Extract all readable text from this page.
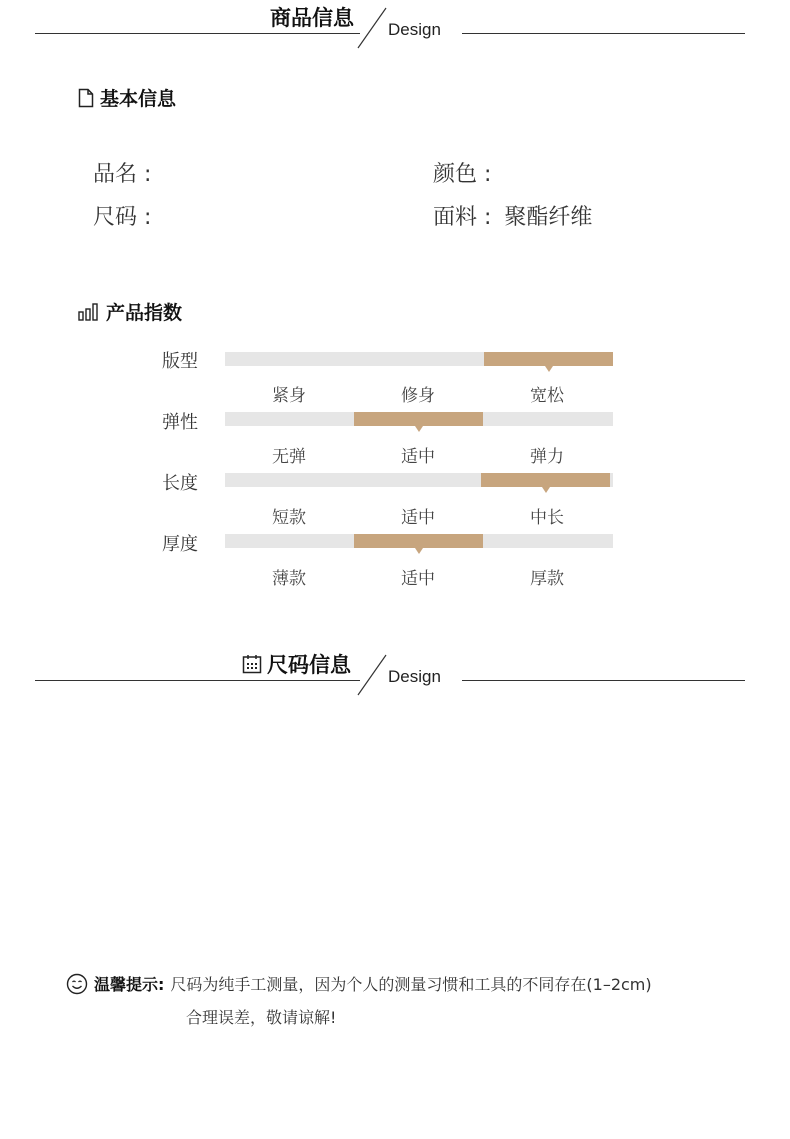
商品信息 Design
基本信息
品名 :	颜色 :
尺码 :	面料 : 聚酯纤维
产品指数
版型
紧身	修身	宽松
弹性
无弹	适中	弹力
长度
短款	适中	中长
厚度
薄款	适中	厚款
尺码信息 Design
温馨提示: 尺码为纯手工测量，因为个人的测量习惯和工具的不同存在(1–2cm)
合理误差，敬请谅解!
